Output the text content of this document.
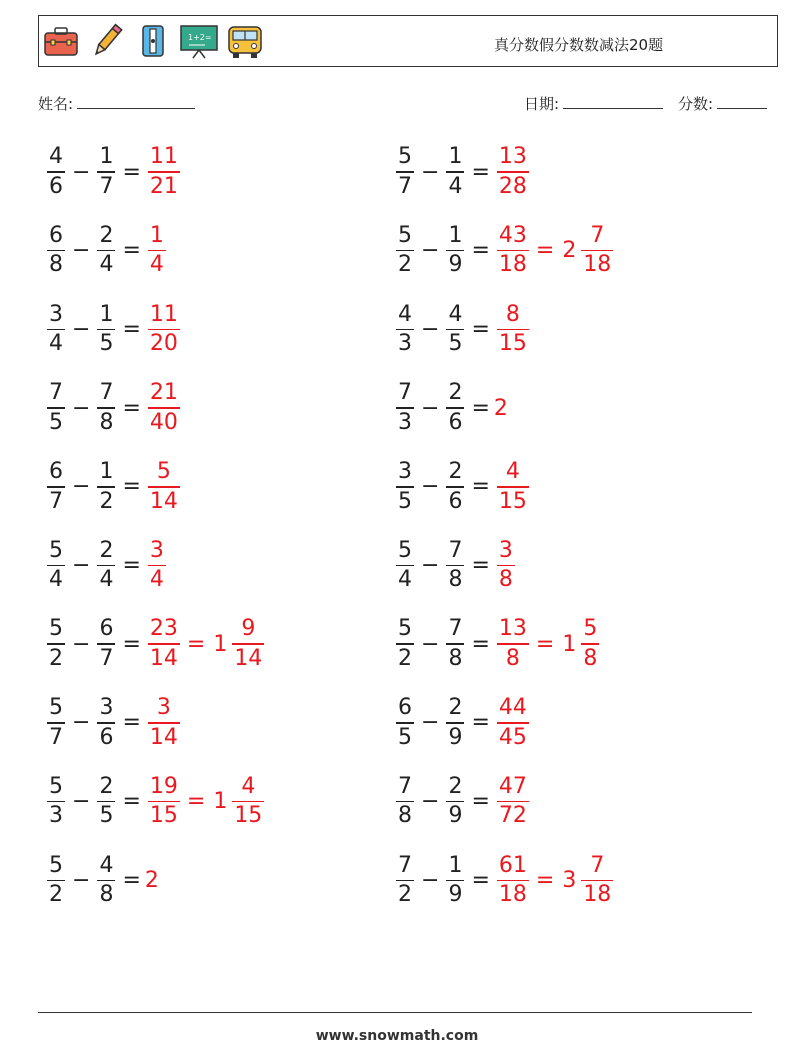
1+2=	真分数假分数数减法20题
姓名:	日期:	分数:
$\frac{4}{6} - \frac{1}{7} = \frac{11}{21}$	$\frac{5}{7} - \frac{1}{4} = \frac{13}{28}$
$\frac{6}{8} - \frac{2}{4} = \frac{1}{4}$	$\frac{5}{2} - \frac{1}{9} = \frac{43}{18} = 2 \frac{7}{18}$
$\frac{3}{4} - \frac{1}{5} = \frac{11}{20}$	$\frac{4}{3} - \frac{4}{5} = \frac{8}{15}$
$\frac{7}{5} - \frac{7}{8} = \frac{21}{40}$	$\frac{7}{3} - \frac{2}{6} = 2$
$\frac{6}{7} - \frac{1}{2} = \frac{5}{14}$	$\frac{3}{5} - \frac{2}{6} = \frac{4}{15}$
$\frac{5}{4} - \frac{2}{4} = \frac{3}{4}$	$\frac{5}{4} - \frac{7}{8} = \frac{3}{8}$
$\frac{5}{2} - \frac{6}{7} = \frac{23}{14} = 1 \frac{9}{14}$	$\frac{5}{2} - \frac{7}{8} = \frac{13}{8} = 1 \frac{5}{8}$
$\frac{5}{7} - \frac{3}{6} = \frac{3}{14}$	$\frac{6}{5} - \frac{2}{9} = \frac{44}{45}$
$\frac{5}{3} - \frac{2}{5} = \frac{19}{15} = 1 \frac{4}{15}$	$\frac{7}{8} - \frac{2}{9} = \frac{47}{72}$
$\frac{5}{2} - \frac{4}{8} = 2$	$\frac{7}{2} - \frac{1}{9} = \frac{61}{18} = 3 \frac{7}{18}$
www.snowmath.com
